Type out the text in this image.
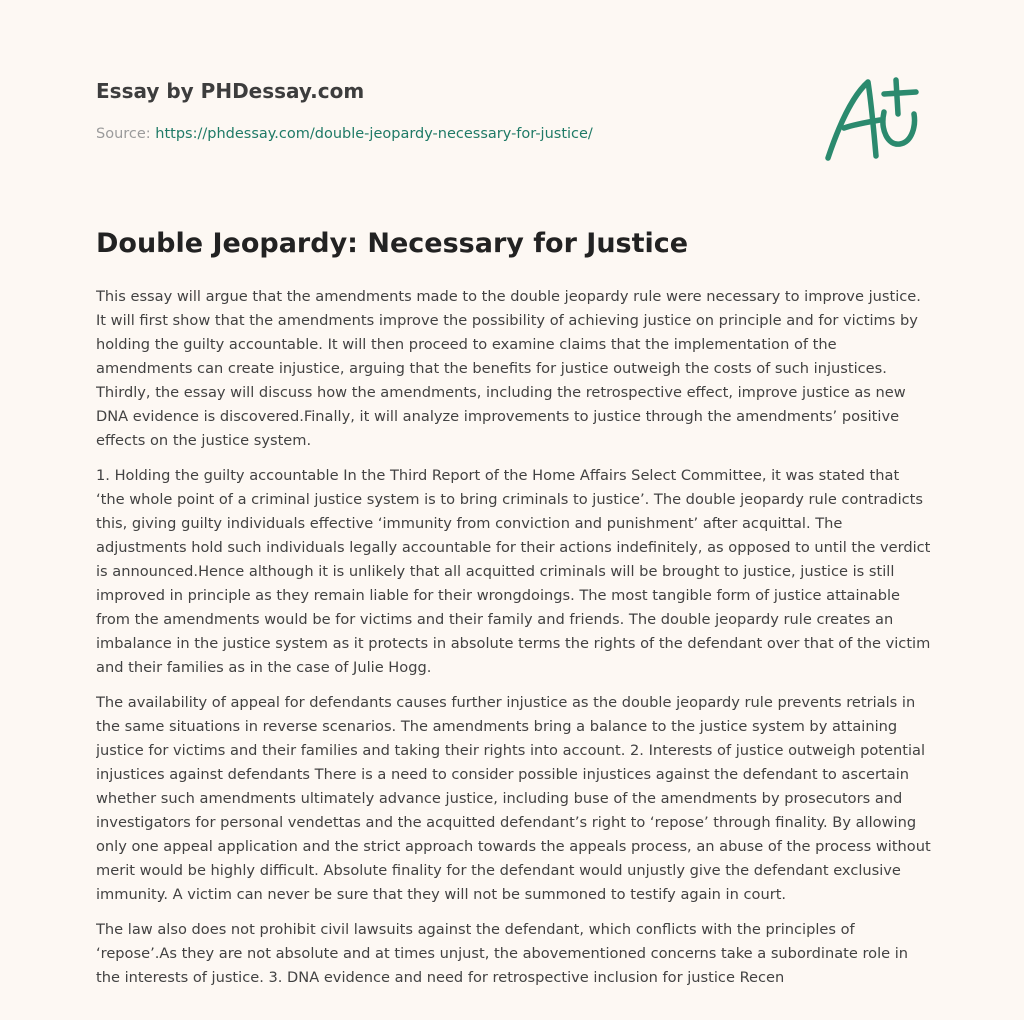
Essay by PHDessay.com
Source: https://phdessay.com/double-jeopardy-necessary-for-justice/
Double Jeopardy: Necessary for Justice

This essay will argue that the amendments made to the double jeopardy rule were necessary to improve justice. It will first show that the amendments improve the possibility of achieving justice on principle and for victims by holding the guilty accountable. It will then proceed to examine claims that the implementation of the amendments can create injustice, arguing that the benefits for justice outweigh the costs of such injustices. Thirdly, the essay will discuss how the amendments, including the retrospective effect, improve justice as new DNA evidence is discovered.Finally, it will analyze improvements to justice through the amendments’ positive effects on the justice system.

1. Holding the guilty accountable In the Third Report of the Home Affairs Select Committee, it was stated that ‘the whole point of a criminal justice system is to bring criminals to justice’. The double jeopardy rule contradicts this, giving guilty individuals effective ‘immunity from conviction and punishment’ after acquittal. The adjustments hold such individuals legally accountable for their actions indefinitely, as opposed to until the verdict is announced.Hence although it is unlikely that all acquitted criminals will be brought to justice, justice is still improved in principle as they remain liable for their wrongdoings. The most tangible form of justice attainable from the amendments would be for victims and their family and friends. The double jeopardy rule creates an imbalance in the justice system as it protects in absolute terms the rights of the defendant over that of the victim and their families as in the case of Julie Hogg.

The availability of appeal for defendants causes further injustice as the double jeopardy rule prevents retrials in the same situations in reverse scenarios. The amendments bring a balance to the justice system by attaining justice for victims and their families and taking their rights into account. 2. Interests of justice outweigh potential injustices against defendants There is a need to consider possible injustices against the defendant to ascertain whether such amendments ultimately advance justice, including buse of the amendments by prosecutors and investigators for personal vendettas and the acquitted defendant’s right to ‘repose’ through finality. By allowing only one appeal application and the strict approach towards the appeals process, an abuse of the process without merit would be highly difficult. Absolute finality for the defendant would unjustly give the defendant exclusive immunity. A victim can never be sure that they will not be summoned to testify again in court.

The law also does not prohibit civil lawsuits against the defendant, which conflicts with the principles of ‘repose’.As they are not absolute and at times unjust, the abovementioned concerns take a subordinate role in the interests of justice. 3. DNA evidence and need for retrospective inclusion for justice Recen
